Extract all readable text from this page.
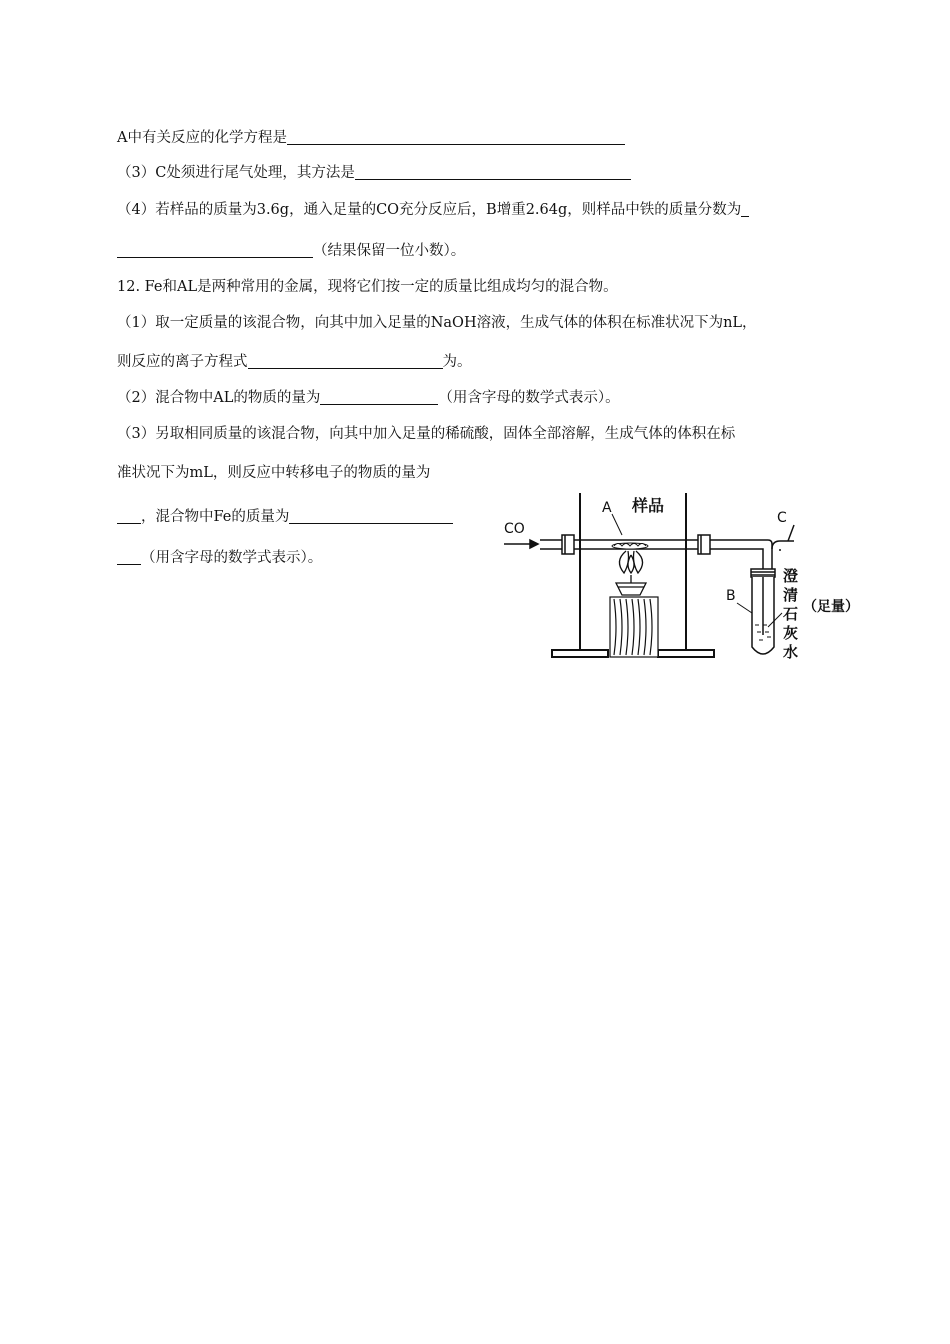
A中有关反应的化学方程是
（3）C处须进行尾气处理，其方法是
（4）若样品的质量为3.6g，通入足量的CO充分反应后，B增重2.64g，则样品中铁的质量分数为
（结果保留一位小数）。
12. Fe和AL是两种常用的金属，现将它们按一定的质量比组成均匀的混合物。
（1）取一定质量的该混合物，向其中加入足量的NaOH溶液，生成气体的体积在标准状况下为nL，
则反应的离子方程式	为。
（2）混合物中AL的物质的量为	（用含字母的数学式表示）。
（3）另取相同质量的该混合物，向其中加入足量的稀硫酸，固体全部溶解，生成气体的体积在标
准状况下为mL，则反应中转移电子的物质的量为
，混合物中Fe的质量为
（用含字母的数学式表示）。
CO
A 样品
C
B
澄
清
石
灰
水
（足量）
